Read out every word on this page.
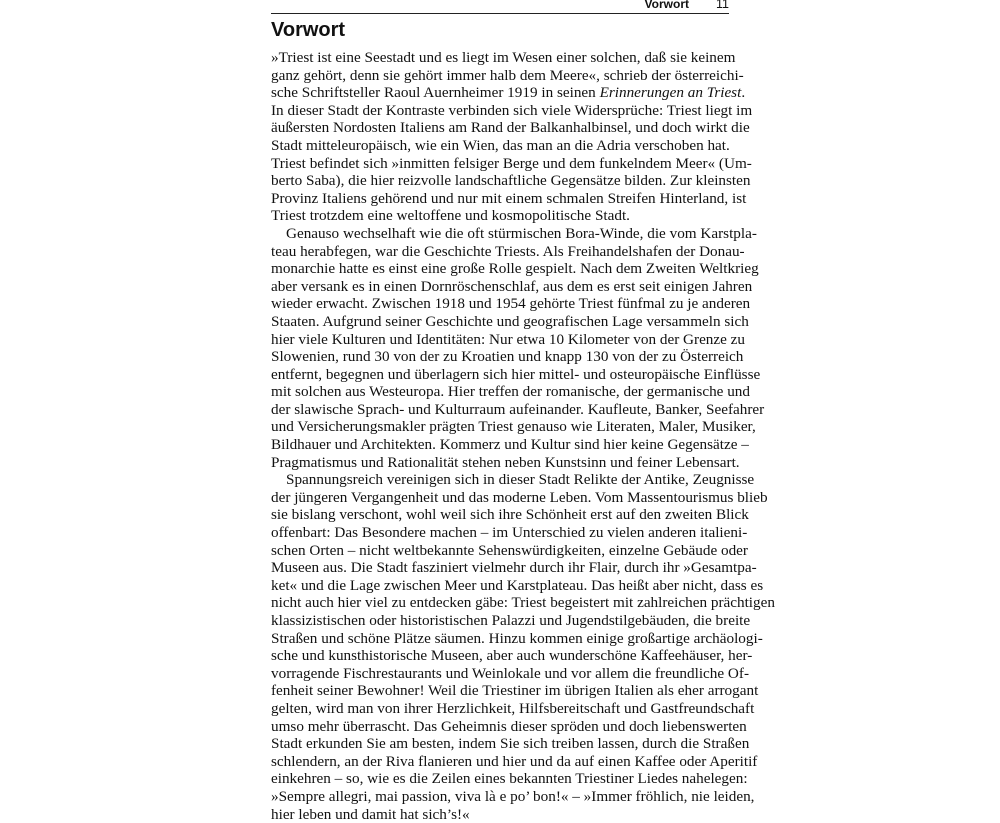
Vorwort 11
Vorwort

»Triest ist eine Seestadt und es liegt im Wesen einer solchen, daß sie keinem
ganz gehört, denn sie gehört immer halb dem Meere«, schrieb der österreichi-
sche Schriftsteller Raoul Auernheimer 1919 in seinen Erinnerungen an Triest.
In dieser Stadt der Kontraste verbinden sich viele Widersprüche: Triest liegt im
äußersten Nordosten Italiens am Rand der Balkanhalbinsel, und doch wirkt die
Stadt mitteleuropäisch, wie ein Wien, das man an die Adria verschoben hat.
Triest befindet sich »inmitten felsiger Berge und dem funkelndem Meer« (Um-
berto Saba), die hier reizvolle landschaftliche Gegensätze bilden. Zur kleinsten
Provinz Italiens gehörend und nur mit einem schmalen Streifen Hinterland, ist
Triest trotzdem eine weltoffene und kosmopolitische Stadt.

Genauso wechselhaft wie die oft stürmischen Bora-Winde, die vom Karstpla-
teau herabfegen, war die Geschichte Triests. Als Freihandelshafen der Donau-
monarchie hatte es einst eine große Rolle gespielt. Nach dem Zweiten Weltkrieg
aber versank es in einen Dornröschenschlaf, aus dem es erst seit einigen Jahren
wieder erwacht. Zwischen 1918 und 1954 gehörte Triest fünfmal zu je anderen
Staaten. Aufgrund seiner Geschichte und geografischen Lage versammeln sich
hier viele Kulturen und Identitäten: Nur etwa 10 Kilometer von der Grenze zu
Slowenien, rund 30 von der zu Kroatien und knapp 130 von der zu Österreich
entfernt, begegnen und überlagern sich hier mittel- und osteuropäische Einflüsse
mit solchen aus Westeuropa. Hier treffen der romanische, der germanische und
der slawische Sprach- und Kulturraum aufeinander. Kaufleute, Banker, Seefahrer
und Versicherungsmakler prägten Triest genauso wie Literaten, Maler, Musiker,
Bildhauer und Architekten. Kommerz und Kultur sind hier keine Gegensätze –
Pragmatismus und Rationalität stehen neben Kunstsinn und feiner Lebensart.

Spannungsreich vereinigen sich in dieser Stadt Relikte der Antike, Zeugnisse
der jüngeren Vergangenheit und das moderne Leben. Vom Massentourismus blieb
sie bislang verschont, wohl weil sich ihre Schönheit erst auf den zweiten Blick
offenbart: Das Besondere machen – im Unterschied zu vielen anderen italieni-
schen Orten – nicht weltbekannte Sehenswürdigkeiten, einzelne Gebäude oder
Museen aus. Die Stadt fasziniert vielmehr durch ihr Flair, durch ihr »Gesamtpa-
ket« und die Lage zwischen Meer und Karstplateau. Das heißt aber nicht, dass es
nicht auch hier viel zu entdecken gäbe: Triest begeistert mit zahlreichen prächtigen
klassizistischen oder historistischen Palazzi und Jugendstilgebäuden, die breite
Straßen und schöne Plätze säumen. Hinzu kommen einige großartige archäologi-
sche und kunsthistorische Museen, aber auch wunderschöne Kaffeehäuser, her-
vorragende Fischrestaurants und Weinlokale und vor allem die freundliche Of-
fenheit seiner Bewohner! Weil die Triestiner im übrigen Italien als eher arrogant
gelten, wird man von ihrer Herzlichkeit, Hilfsbereitschaft und Gastfreundschaft
umso mehr überrascht. Das Geheimnis dieser spröden und doch liebenswerten
Stadt erkunden Sie am besten, indem Sie sich treiben lassen, durch die Straßen
schlendern, an der Riva flanieren und hier und da auf einen Kaffee oder Aperitif
einkehren – so, wie es die Zeilen eines bekannten Triestiner Liedes nahelegen:
»Sempre allegri, mai passion, viva là e po’ bon!« – »Immer fröhlich, nie leiden,
hier leben und damit hat sich’s!«
